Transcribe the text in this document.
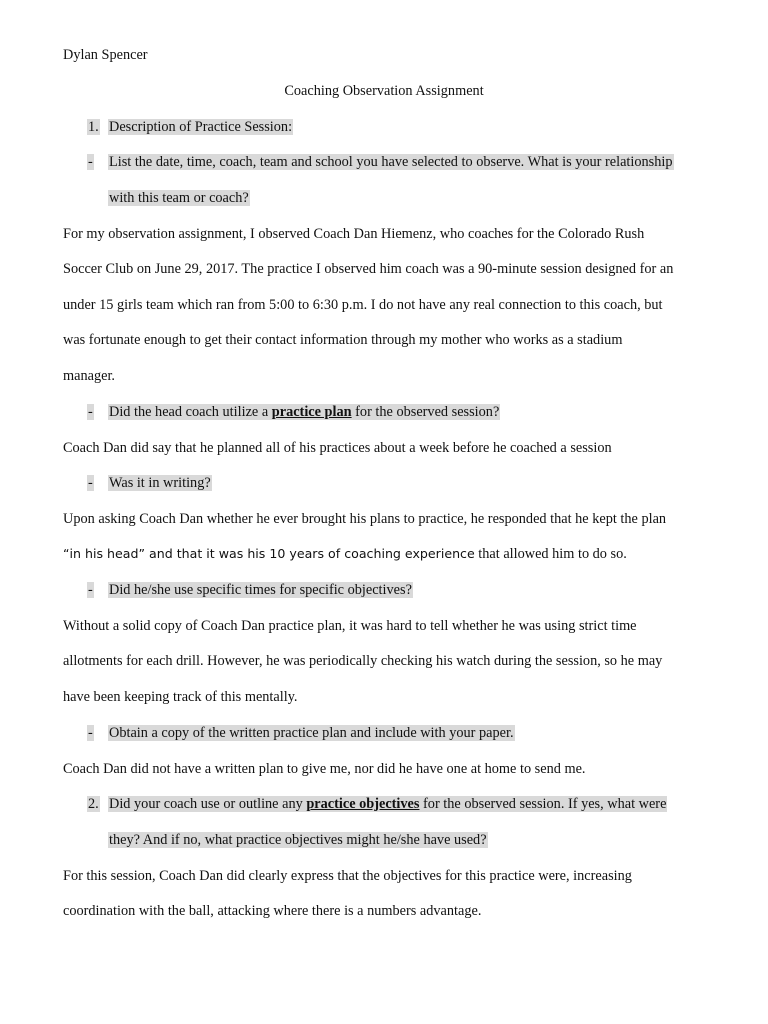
Dylan Spencer
Coaching Observation Assignment
1. Description of Practice Session:
- List the date, time, coach, team and school you have selected to observe. What is your relationship
with this team or coach?
For my observation assignment, I observed Coach Dan Hiemenz, who coaches for the Colorado Rush
Soccer Club on June 29, 2017. The practice I observed him coach was a 90-minute session designed for an
under 15 girls team which ran from 5:00 to 6:30 p.m. I do not have any real connection to this coach, but
was fortunate enough to get their contact information through my mother who works as a stadium
manager.
- Did the head coach utilize a practice plan for the observed session?
Coach Dan did say that he planned all of his practices about a week before he coached a session
- Was it in writing?
Upon asking Coach Dan whether he ever brought his plans to practice, he responded that he kept the plan
“in his head” and that it was his 10 years of coaching experience that allowed him to do so.
- Did he/she use specific times for specific objectives?
Without a solid copy of Coach Dan practice plan, it was hard to tell whether he was using strict time
allotments for each drill. However, he was periodically checking his watch during the session, so he may
have been keeping track of this mentally.
- Obtain a copy of the written practice plan and include with your paper.
Coach Dan did not have a written plan to give me, nor did he have one at home to send me.
2. Did your coach use or outline any practice objectives for the observed session. If yes, what were
they? And if no, what practice objectives might he/she have used?
For this session, Coach Dan did clearly express that the objectives for this practice were, increasing
coordination with the ball, attacking where there is a numbers advantage.
